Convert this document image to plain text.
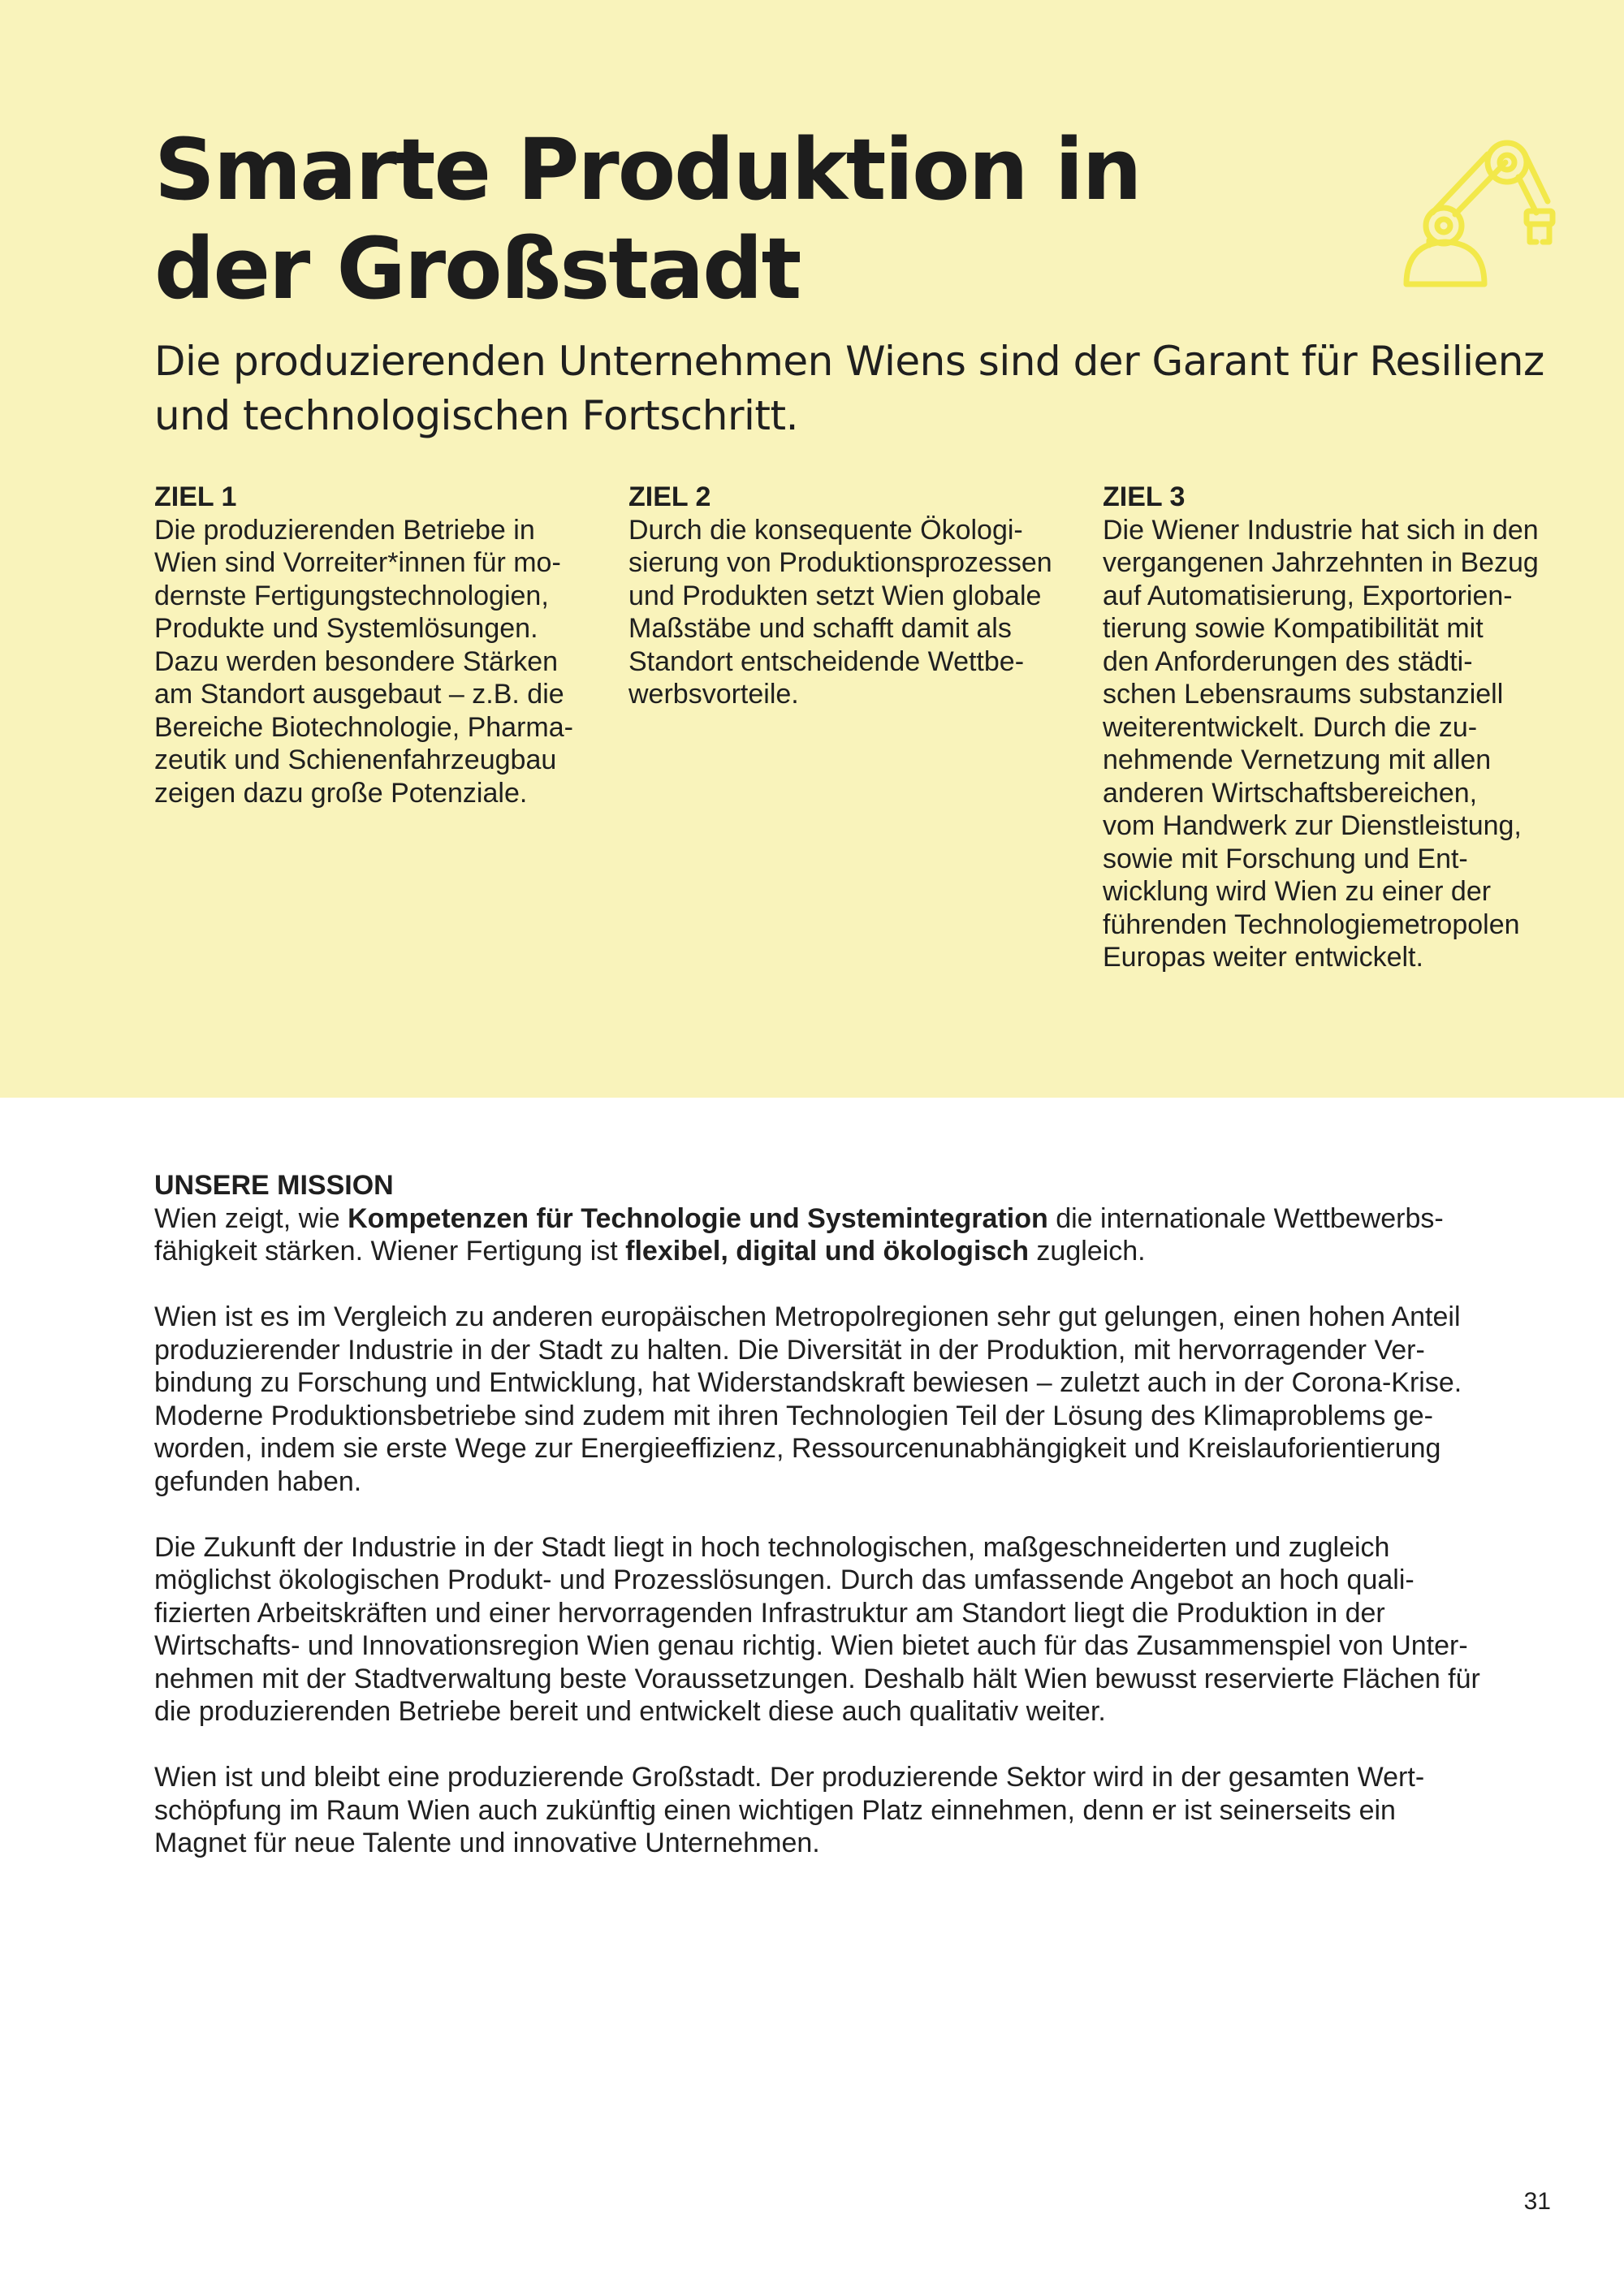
Smarte Produktion in
der Großstadt
Die produzierenden Unternehmen Wiens sind der Garant für Resilienz
und technologischen Fortschritt.
ZIEL 1
Die produzierenden Betriebe in
Wien sind Vorreiter*innen für mo-
dernste Fertigungstechnologien,
Produkte und Systemlösungen.
Dazu werden besondere Stärken
am Standort ausgebaut – z.B. die
Bereiche Biotechnologie, Pharma-
zeutik und Schienenfahrzeugbau
zeigen dazu große Potenziale.
ZIEL 2
Durch die konsequente Ökologi-
sierung von Produktionsprozessen
und Produkten setzt Wien globale
Maßstäbe und schafft damit als
Standort entscheidende Wettbe-
werbsvorteile.
ZIEL 3
Die Wiener Industrie hat sich in den
vergangenen Jahrzehnten in Bezug
auf Automatisierung, Exportorien-
tierung sowie Kompatibilität mit
den Anforderungen des städti-
schen Lebensraums substanziell
weiterentwickelt. Durch die zu-
nehmende Vernetzung mit allen
anderen Wirtschaftsbereichen,
vom Handwerk zur Dienstleistung,
sowie mit Forschung und Ent-
wicklung wird Wien zu einer der
führenden Technologiemetropolen
Europas weiter entwickelt.
UNSERE MISSION
Wien zeigt, wie Kompetenzen für Technologie und Systemintegration die internationale Wettbewerbs-
fähigkeit stärken. Wiener Fertigung ist flexibel, digital und ökologisch zugleich.
Wien ist es im Vergleich zu anderen europäischen Metropolregionen sehr gut gelungen, einen hohen Anteil
produzierender Industrie in der Stadt zu halten. Die Diversität in der Produktion, mit hervorragender Ver-
bindung zu Forschung und Entwicklung, hat Widerstandskraft bewiesen – zuletzt auch in der Corona-Krise.
Moderne Produktionsbetriebe sind zudem mit ihren Technologien Teil der Lösung des Klimaproblems ge-
worden, indem sie erste Wege zur Energieeffizienz, Ressourcenunabhängigkeit und Kreislauforientierung
gefunden haben.
Die Zukunft der Industrie in der Stadt liegt in hoch technologischen, maßgeschneiderten und zugleich
möglichst ökologischen Produkt- und Prozesslösungen. Durch das umfassende Angebot an hoch quali-
fizierten Arbeitskräften und einer hervorragenden Infrastruktur am Standort liegt die Produktion in der
Wirtschafts- und Innovationsregion Wien genau richtig. Wien bietet auch für das Zusammenspiel von Unter-
nehmen mit der Stadtverwaltung beste Voraussetzungen. Deshalb hält Wien bewusst reservierte Flächen für
die produzierenden Betriebe bereit und entwickelt diese auch qualitativ weiter.
Wien ist und bleibt eine produzierende Großstadt. Der produzierende Sektor wird in der gesamten Wert-
schöpfung im Raum Wien auch zukünftig einen wichtigen Platz einnehmen, denn er ist seinerseits ein
Magnet für neue Talente und innovative Unternehmen.
31
